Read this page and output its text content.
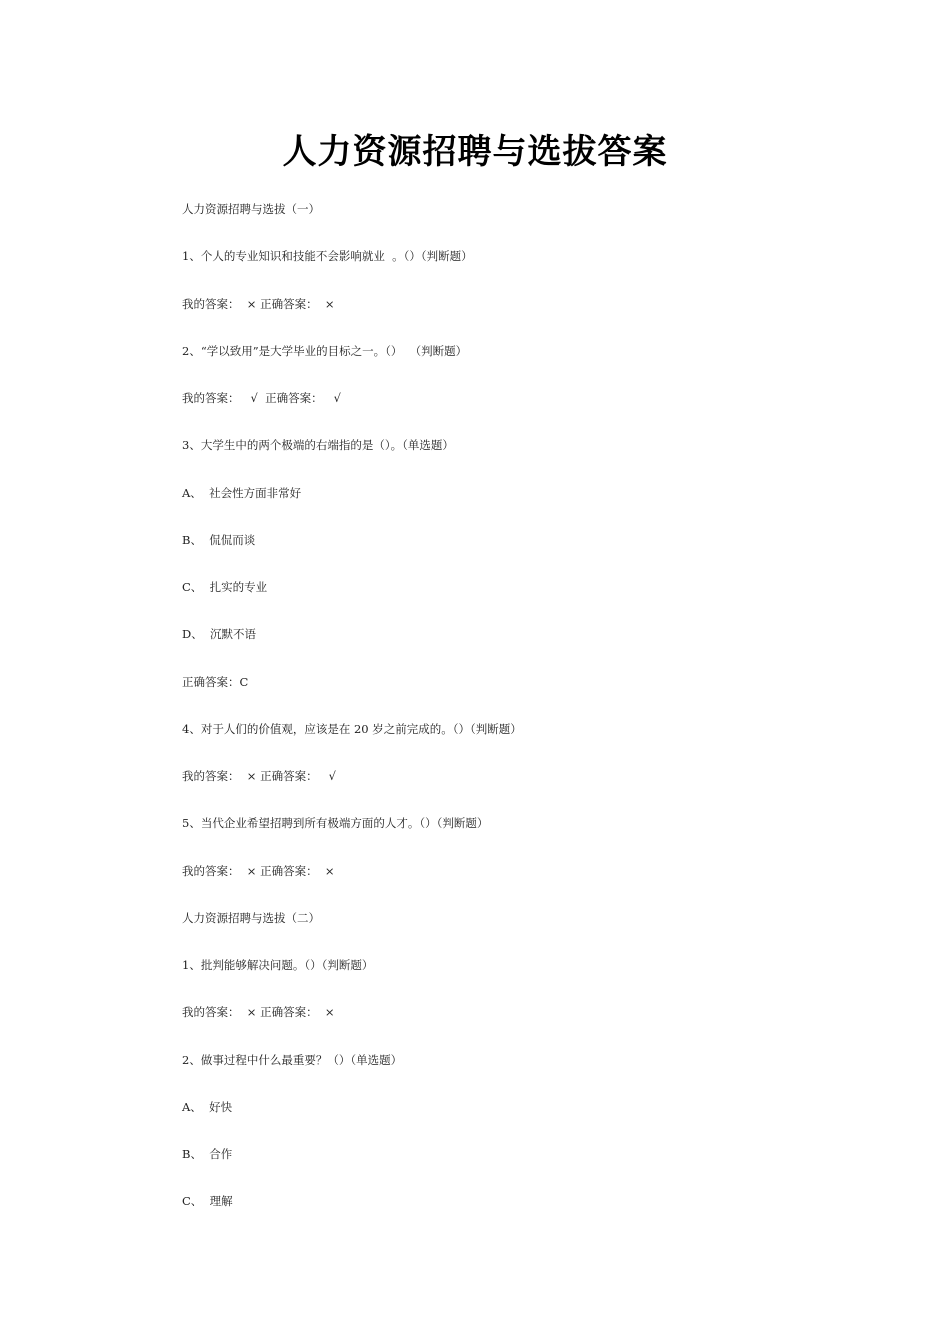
人力资源招聘与选拔答案
人力资源招聘与选拔（一）
1、个人的专业知识和技能不会影响就业  。（）（判断题）
我的答案：  × 正确答案：  ×
2、“学以致用”是大学毕业的目标之一。（）  （判断题）
我的答案：   √  正确答案：   √
3、大学生中的两个极端的右端指的是（）。（单选题）
A、  社会性方面非常好
B、  侃侃而谈
C、  扎实的专业
D、  沉默不语
正确答案：C
4、对于人们的价值观，应该是在 20 岁之前完成的。（）（判断题）
我的答案：  × 正确答案：   √
5、当代企业希望招聘到所有极端方面的人才。（）（判断题）
我的答案：  × 正确答案：  ×
人力资源招聘与选拔（二）
1、批判能够解决问题。（）（判断题）
我的答案：  × 正确答案：  ×
2、做事过程中什么最重要？（）（单选题）
A、  好快
B、  合作
C、  理解
